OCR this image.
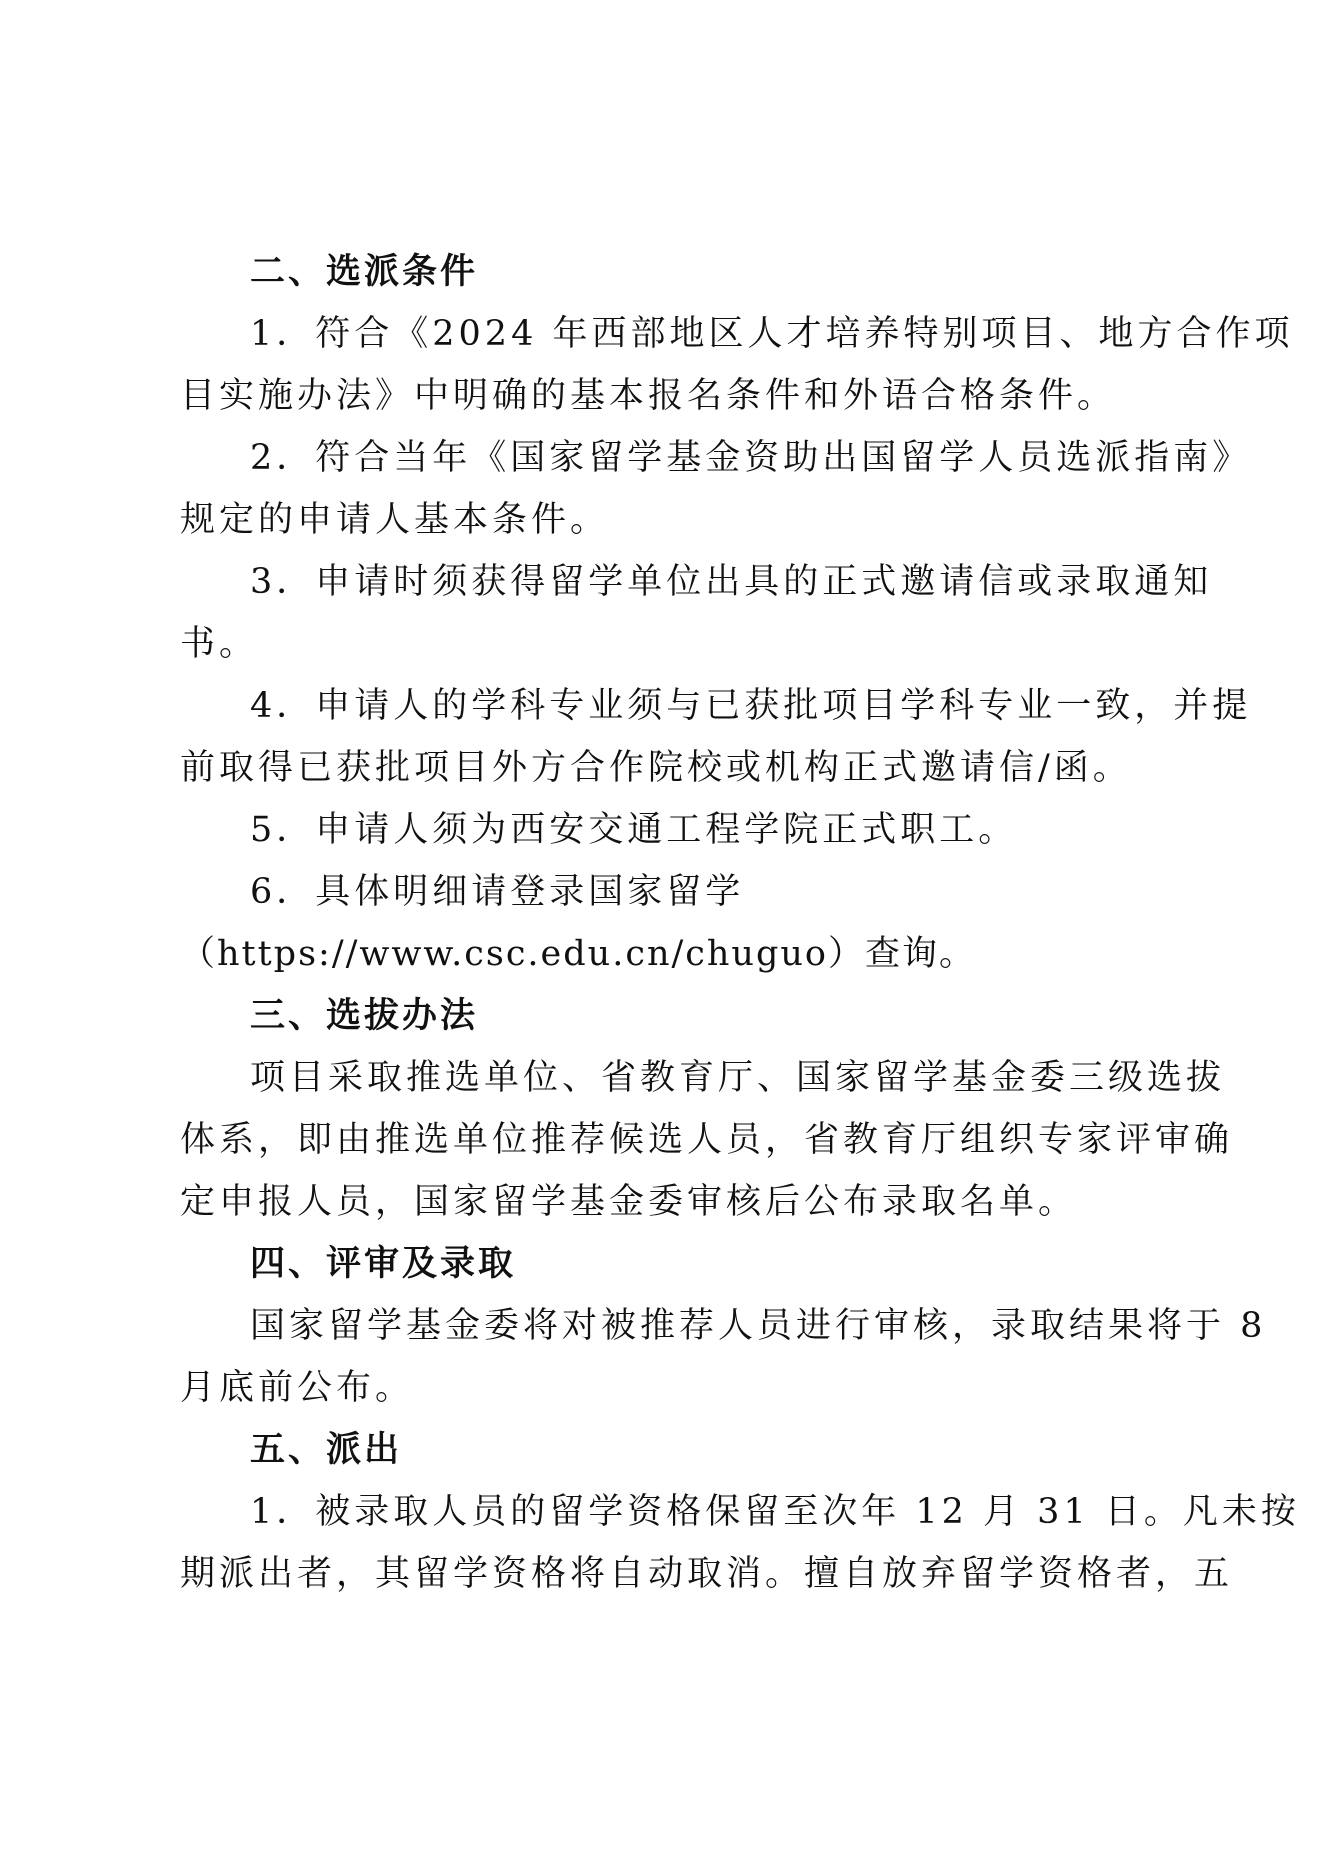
二、选派条件
1．符合《2024 年西部地区人才培养特别项目、地方合作项
目实施办法》中明确的基本报名条件和外语合格条件。
2．符合当年《国家留学基金资助出国留学人员选派指南》
规定的申请人基本条件。
3．申请时须获得留学单位出具的正式邀请信或录取通知
书。
4．申请人的学科专业须与已获批项目学科专业一致，并提
前取得已获批项目外方合作院校或机构正式邀请信/函。
5．申请人须为西安交通工程学院正式职工。
6．具体明细请登录国家留学
（https://www.csc.edu.cn/chuguo）查询。
三、选拔办法
项目采取推选单位、省教育厅、国家留学基金委三级选拔
体系，即由推选单位推荐候选人员，省教育厅组织专家评审确
定申报人员，国家留学基金委审核后公布录取名单。
四、评审及录取
国家留学基金委将对被推荐人员进行审核，录取结果将于 8
月底前公布。
五、派出
1．被录取人员的留学资格保留至次年 12 月 31 日。凡未按
期派出者，其留学资格将自动取消。擅自放弃留学资格者，五
